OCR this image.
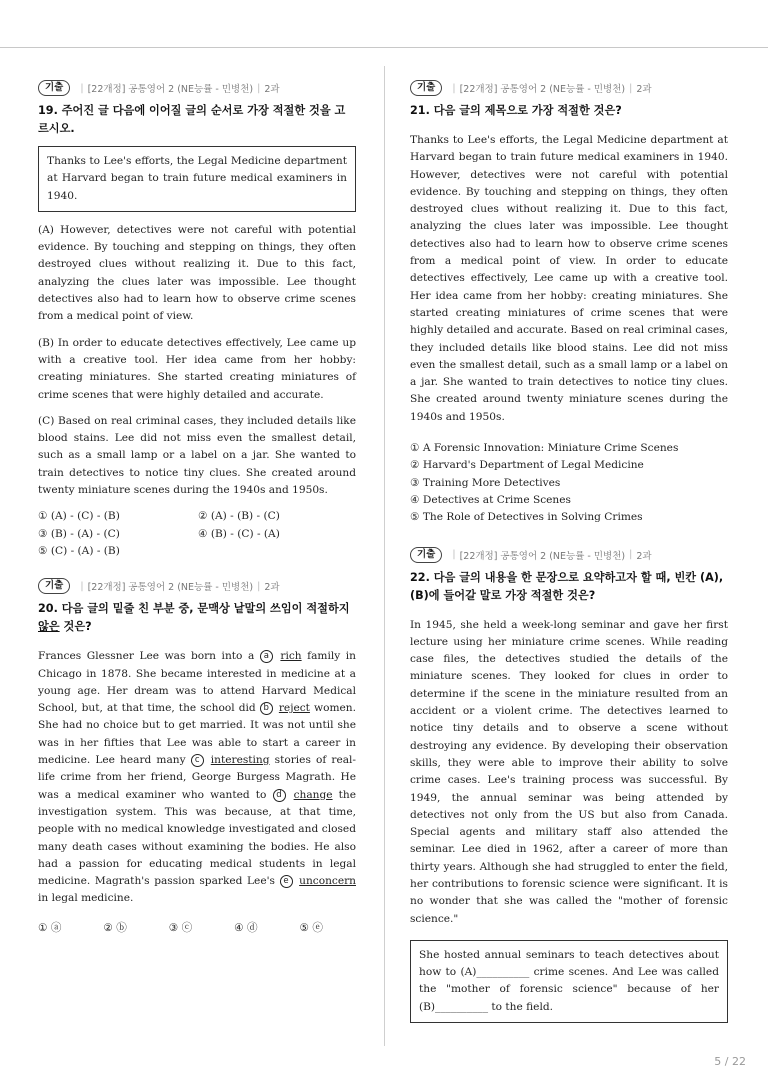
기출	| [22개정] 공통영어 2 (NE능률 - 민병천) | 2과
19. 주어진 글 다음에 이어질 글의 순서로 가장 적절한 것을 고르시오.

Thanks to Lee's efforts, the Legal Medicine department at Harvard began to train future medical examiners in 1940.

(A) However, detectives were not careful with potential evidence. By touching and stepping on things, they often destroyed clues without realizing it. Due to this fact, analyzing the clues later was impossible. Lee thought detectives also had to learn how to observe crime scenes from a medical point of view.

(B) In order to educate detectives effectively, Lee came up with a creative tool. Her idea came from her hobby: creating miniatures. She started creating miniatures of crime scenes that were highly detailed and accurate.

(C) Based on real criminal cases, they included details like blood stains. Lee did not miss even the smallest detail, such as a small lamp or a label on a jar. She wanted to train detectives to notice tiny clues. She created around twenty miniature scenes during the 1940s and 1950s.

① (A) - (C) - (B)	② (A) - (B) - (C)
③ (B) - (A) - (C)	④ (B) - (C) - (A)
⑤ (C) - (A) - (B)
기출	| [22개정] 공통영어 2 (NE능률 - 민병천) | 2과
20. 다음 글의 밑줄 친 부분 중, 문맥상 낱말의 쓰임이 적절하지 않은 것은?

Frances Glessner Lee was born into a a rich family in Chicago in 1878. She became interested in medicine at a young age. Her dream was to attend Harvard Medical School, but, at that time, the school did b reject women. She had no choice but to get married. It was not until she was in her fifties that Lee was able to start a career in medicine. Lee heard many c interesting stories of real-life crime from her friend, George Burgess Magrath. He was a medical examiner who wanted to d change the investigation system. This was because, at that time, people with no medical knowledge investigated and closed many death cases without examining the bodies. He also had a passion for educating medical students in legal medicine. Magrath's passion sparked Lee's e unconcern in legal medicine.

① ⓐ	② ⓑ	③ ⓒ	④ ⓓ	⑤ ⓔ
기출	| [22개정] 공통영어 2 (NE능률 - 민병천) | 2과
21. 다음 글의 제목으로 가장 적절한 것은?

Thanks to Lee's efforts, the Legal Medicine department at Harvard began to train future medical examiners in 1940. However, detectives were not careful with potential evidence. By touching and stepping on things, they often destroyed clues without realizing it. Due to this fact, analyzing the clues later was impossible. Lee thought detectives also had to learn how to observe crime scenes from a medical point of view. In order to educate detectives effectively, Lee came up with a creative tool. Her idea came from her hobby: creating miniatures. She started creating miniatures of crime scenes that were highly detailed and accurate. Based on real criminal cases, they included details like blood stains. Lee did not miss even the smallest detail, such as a small lamp or a label on a jar. She wanted to train detectives to notice tiny clues. She created around twenty miniature scenes during the 1940s and 1950s.

① A Forensic Innovation: Miniature Crime Scenes
② Harvard's Department of Legal Medicine
③ Training More Detectives
④ Detectives at Crime Scenes
⑤ The Role of Detectives in Solving Crimes
기출	| [22개정] 공통영어 2 (NE능률 - 민병천) | 2과
22. 다음 글의 내용을 한 문장으로 요약하고자 할 때, 빈칸 (A), (B)에 들어갈 말로 가장 적절한 것은?

In 1945, she held a week-long seminar and gave her first lecture using her miniature crime scenes. While reading case files, the detectives studied the details of the miniature scenes. They looked for clues in order to determine if the scene in the miniature resulted from an accident or a violent crime. The detectives learned to notice tiny details and to observe a scene without destroying any evidence. By developing their observation skills, they were able to improve their ability to solve crime cases. Lee's training process was successful. By 1949, the annual seminar was being attended by detectives not only from the US but also from Canada. Special agents and military staff also attended the seminar. Lee died in 1962, after a career of more than thirty years. Although she had struggled to enter the field, her contributions to forensic science were significant. It is no wonder that she was called the "mother of forensic science."

She hosted annual seminars to teach detectives about how to (A)__________ crime scenes. And Lee was called the "mother of forensic science" because of her (B)__________ to the field.

5 / 22
